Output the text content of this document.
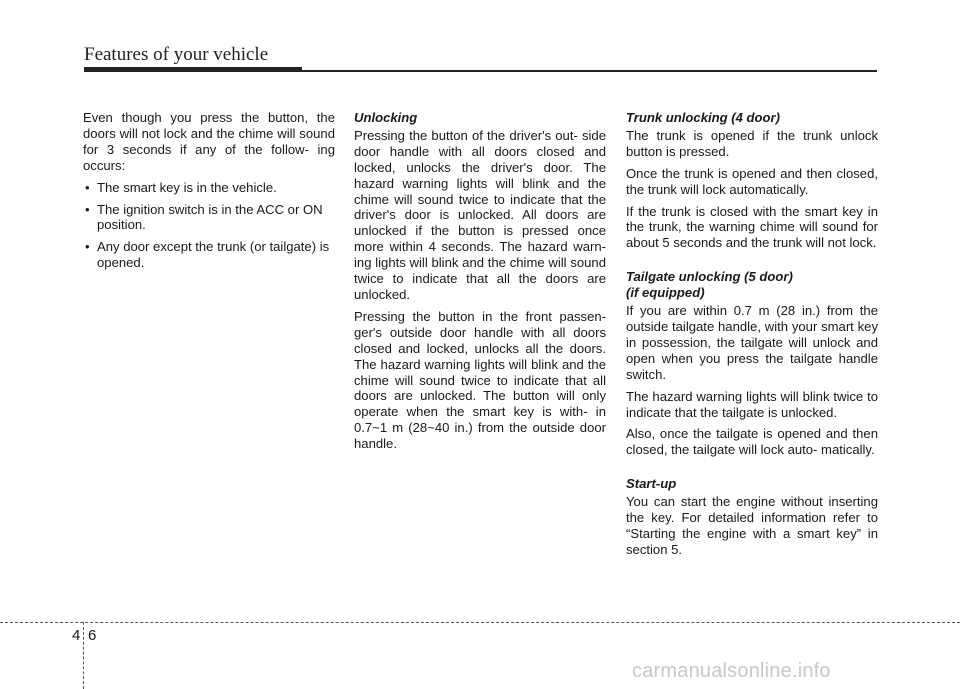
Features of your vehicle

Even though you press the button, the doors will not lock and the chime will sound for 3 seconds if any of the follow- ing occurs:

• The smart key is in the vehicle.
• The ignition switch is in the ACC or ON position.
• Any door except the trunk (or tailgate) is opened.
Unlocking

Pressing the button of the driver's out- side door handle with all doors closed and locked, unlocks the driver's door. The hazard warning lights will blink and the chime will sound twice to indicate that the driver's door is unlocked. All doors are unlocked if the button is pressed once more within 4 seconds. The hazard warn- ing lights will blink and the chime will sound twice to indicate that all the doors are unlocked.

Pressing the button in the front passen- ger's outside door handle with all doors closed and locked, unlocks all the doors. The hazard warning lights will blink and the chime will sound twice to indicate that all doors are unlocked. The button will only operate when the smart key is with- in 0.7~1 m (28~40 in.) from the outside door handle.

Trunk unlocking (4 door)

The trunk is opened if the trunk unlock button is pressed.

Once the trunk is opened and then closed, the trunk will lock automatically.

If the trunk is closed with the smart key in the trunk, the warning chime will sound for about 5 seconds and the trunk will not lock.

Tailgate unlocking (5 door)
(if equipped)

If you are within 0.7 m (28 in.) from the outside tailgate handle, with your smart key in possession, the tailgate will unlock and open when you press the tailgate handle switch.

The hazard warning lights will blink twice to indicate that the tailgate is unlocked.

Also, once the tailgate is opened and then closed, the tailgate will lock auto- matically.

Start-up

You can start the engine without inserting the key. For detailed information refer to “Starting the engine with a smart key” in section 5.

4 6
carmanualsonline.info
